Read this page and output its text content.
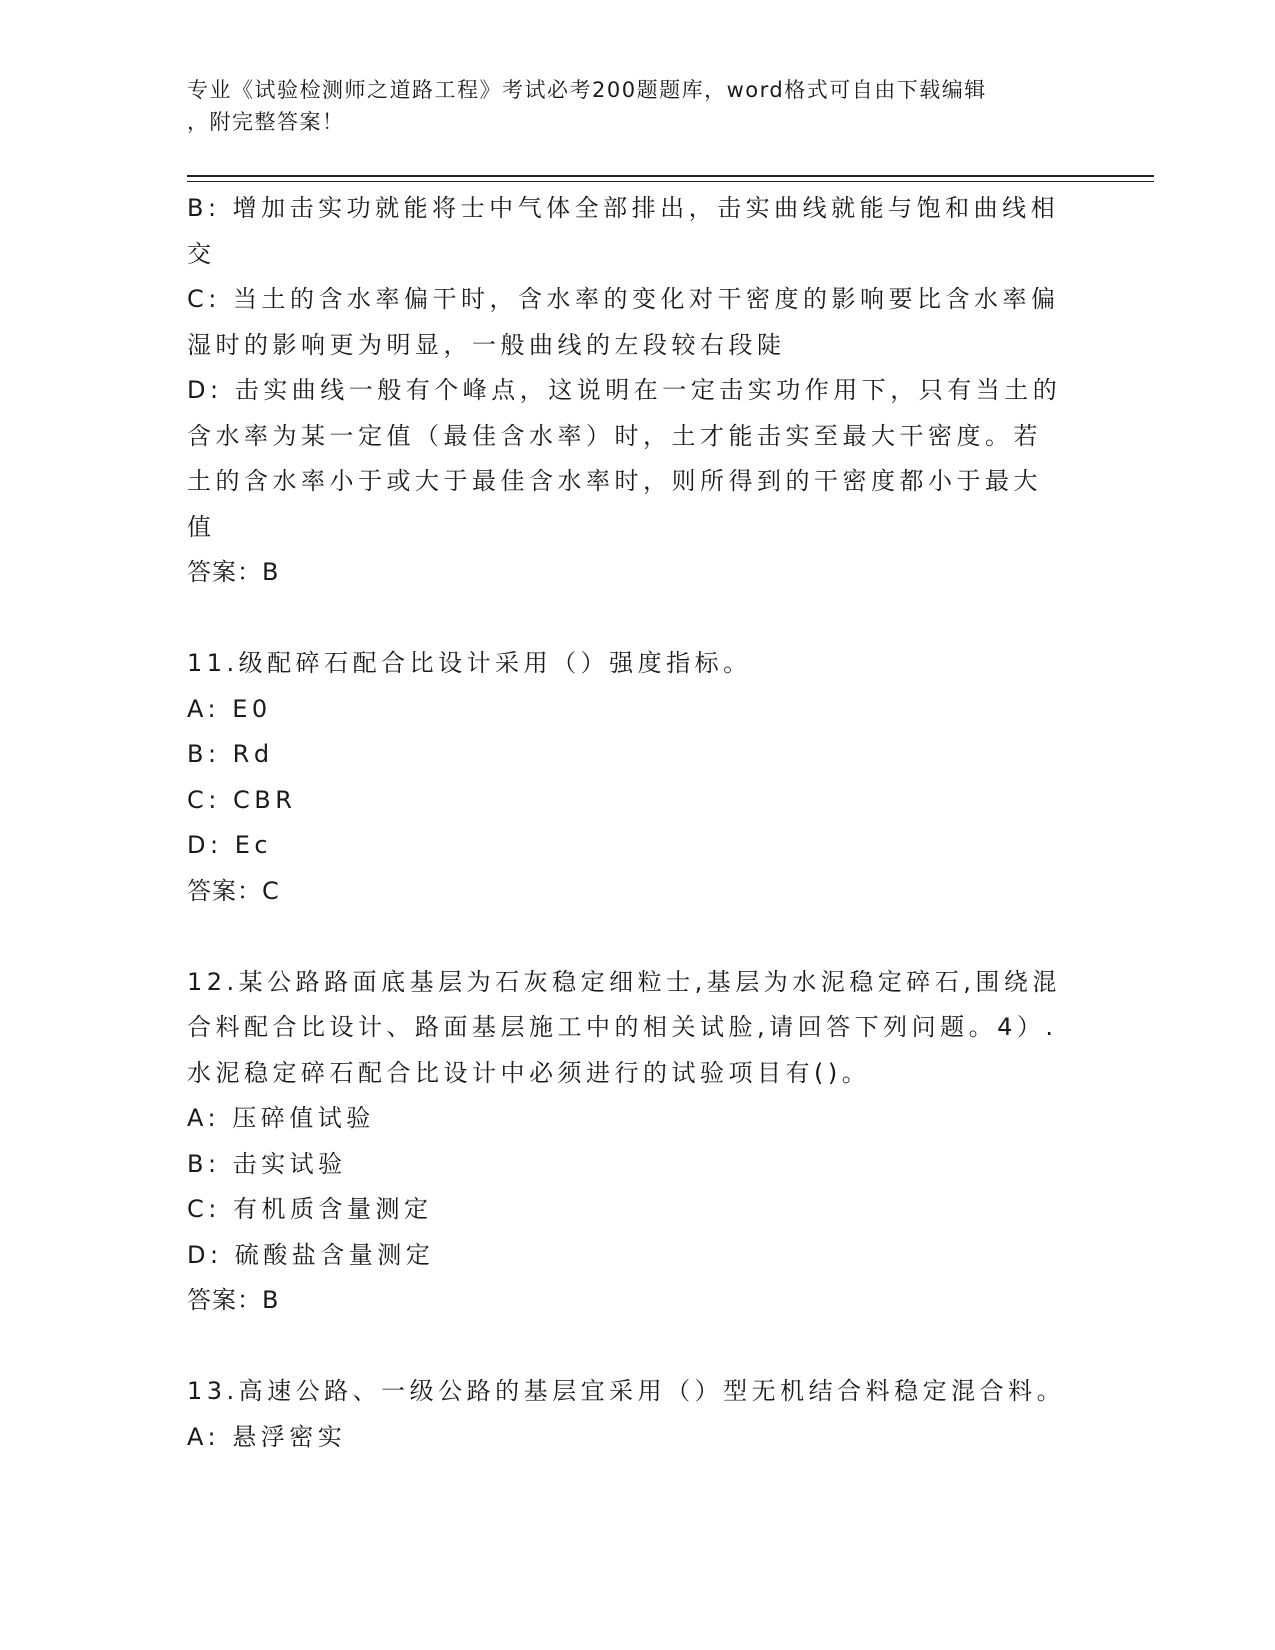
专业《试验检测师之道路工程》考试必考200题题库，word格式可自由下载编辑
，附完整答案！
B: 增加击实功就能将士中气体全部排出，击实曲线就能与饱和曲线相
交
C: 当土的含水率偏干时，含水率的变化对干密度的影响要比含水率偏
湿时的影响更为明显，一般曲线的左段较右段陡
D: 击实曲线一般有个峰点，这说明在一定击实功作用下，只有当土的
含水率为某一定值（最佳含水率）时，土才能击实至最大干密度。若
土的含水率小于或大于最佳含水率时，则所得到的干密度都小于最大
值
答案：B
11.级配碎石配合比设计采用（）强度指标。
A: E0
B: Rd
C: CBR
D: Ec
答案：C
12.某公路路面底基层为石灰稳定细粒士,基层为水泥稳定碎石,围绕混
合料配合比设计、路面基层施工中的相关试脸,请回答下列问题。4）.
水泥稳定碎石配合比设计中必须进行的试验项目有()。
A: 压碎值试验
B: 击实试验
C: 有机质含量测定
D: 硫酸盐含量测定
答案：B
13.高速公路、一级公路的基层宜采用（）型无机结合料稳定混合料。
A: 悬浮密实
